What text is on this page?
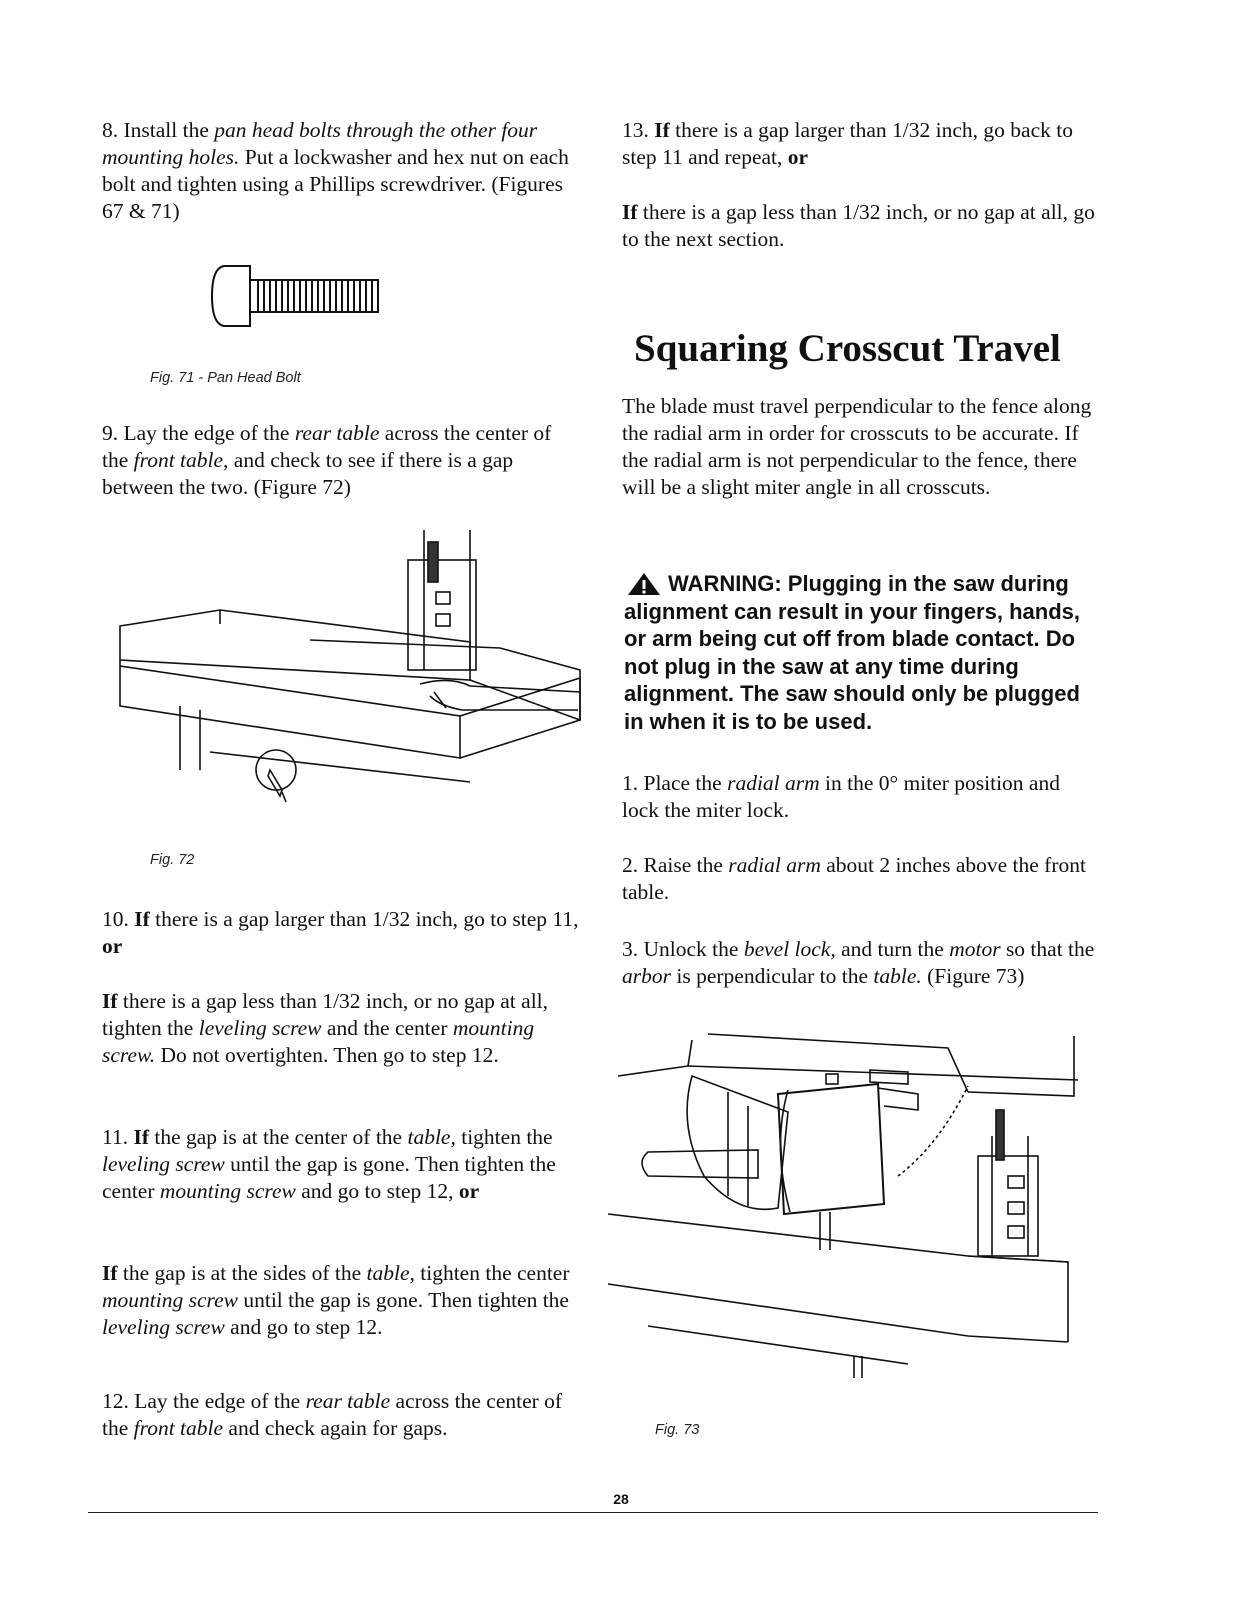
8. Install the pan head bolts through the other four mounting holes. Put a lockwasher and hex nut on each bolt and tighten using a Phillips screwdriver. (Figures 67 & 71)

Fig. 71 - Pan Head Bolt

9. Lay the edge of the rear table across the center of the front table, and check to see if there is a gap between the two. (Figure 72)

Fig. 72

10. If there is a gap larger than 1/32 inch, go to step 11, or

If there is a gap less than 1/32 inch, or no gap at all, tighten the leveling screw and the center mounting screw. Do not overtighten. Then go to step 12.

11. If the gap is at the center of the table, tighten the leveling screw until the gap is gone. Then tighten the center mounting screw and go to step 12, or

If the gap is at the sides of the table, tighten the center mounting screw until the gap is gone. Then tighten the leveling screw and go to step 12.

12. Lay the edge of the rear table across the center of the front table and check again for gaps.

13. If there is a gap larger than 1/32 inch, go back to step 11 and repeat, or

If there is a gap less than 1/32 inch, or no gap at all, go to the next section.

Squaring Crosscut Travel

The blade must travel perpendicular to the fence along the radial arm in order for crosscuts to be accurate. If the radial arm is not perpendicular to the fence, there will be a slight miter angle in all crosscuts.

WARNING: Plugging in the saw during alignment can result in your fingers, hands, or arm being cut off from blade contact. Do not plug in the saw at any time during alignment. The saw should only be plugged in when it is to be used.

1. Place the radial arm in the 0° miter position and lock the miter lock.

2. Raise the radial arm about 2 inches above the front table.

3. Unlock the bevel lock, and turn the motor so that the arbor is perpendicular to the table. (Figure 73)

Fig. 73
28
